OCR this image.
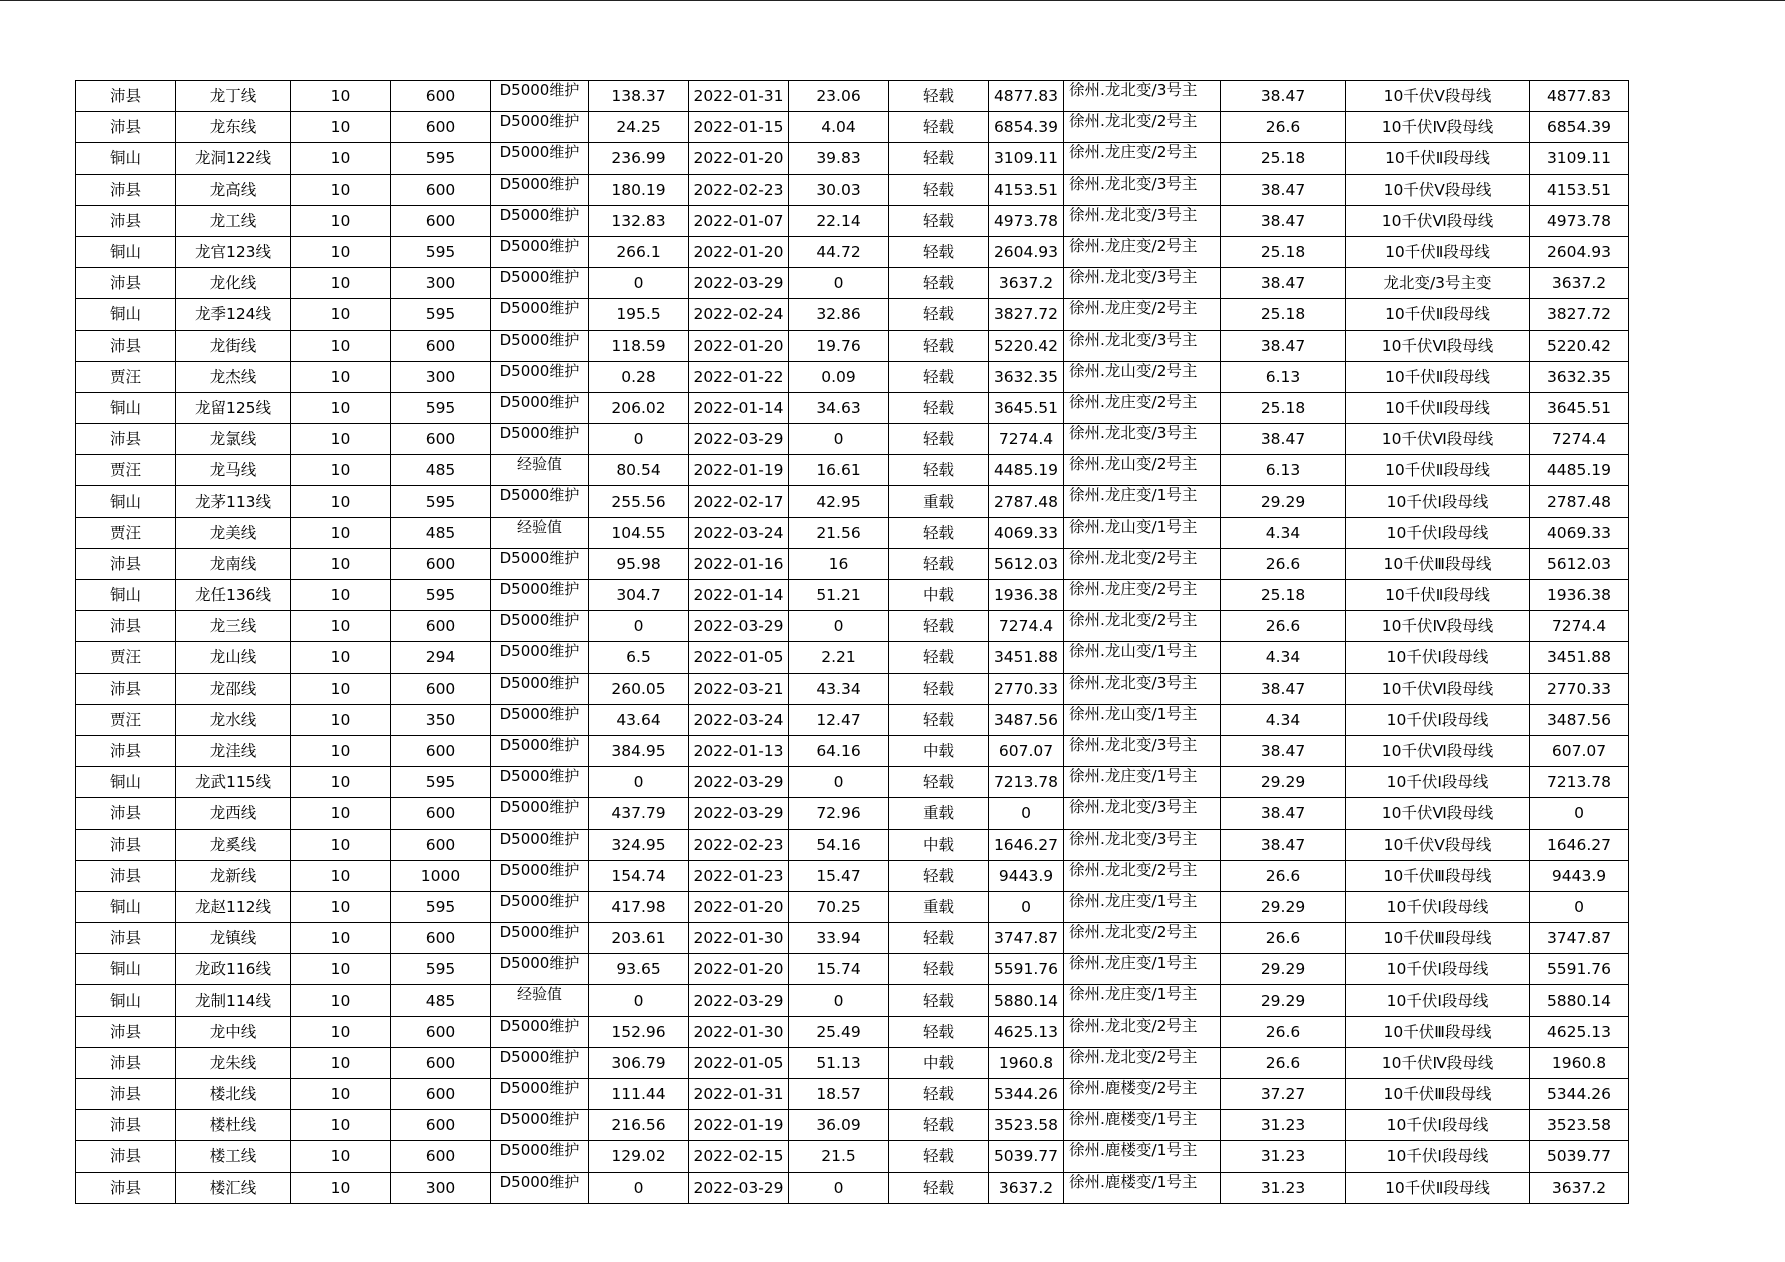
沛县	龙丁线	10	600	D5000维护	138.37	2022-01-31	23.06	轻载	4877.83	徐州.龙北变/3号主	38.47	10千伏Ⅴ段母线	4877.83
沛县	龙东线	10	600	D5000维护	24.25	2022-01-15	4.04	轻载	6854.39	徐州.龙北变/2号主	26.6	10千伏Ⅳ段母线	6854.39
铜山	龙洞122线	10	595	D5000维护	236.99	2022-01-20	39.83	轻载	3109.11	徐州.龙庄变/2号主	25.18	10千伏Ⅱ段母线	3109.11
沛县	龙高线	10	600	D5000维护	180.19	2022-02-23	30.03	轻载	4153.51	徐州.龙北变/3号主	38.47	10千伏Ⅴ段母线	4153.51
沛县	龙工线	10	600	D5000维护	132.83	2022-01-07	22.14	轻载	4973.78	徐州.龙北变/3号主	38.47	10千伏Ⅵ段母线	4973.78
铜山	龙官123线	10	595	D5000维护	266.1	2022-01-20	44.72	轻载	2604.93	徐州.龙庄变/2号主	25.18	10千伏Ⅱ段母线	2604.93
沛县	龙化线	10	300	D5000维护	0	2022-03-29	0	轻载	3637.2	徐州.龙北变/3号主	38.47	龙北变/3号主变	3637.2
铜山	龙季124线	10	595	D5000维护	195.5	2022-02-24	32.86	轻载	3827.72	徐州.龙庄变/2号主	25.18	10千伏Ⅱ段母线	3827.72
沛县	龙街线	10	600	D5000维护	118.59	2022-01-20	19.76	轻载	5220.42	徐州.龙北变/3号主	38.47	10千伏Ⅵ段母线	5220.42
贾汪	龙杰线	10	300	D5000维护	0.28	2022-01-22	0.09	轻载	3632.35	徐州.龙山变/2号主	6.13	10千伏Ⅱ段母线	3632.35
铜山	龙留125线	10	595	D5000维护	206.02	2022-01-14	34.63	轻载	3645.51	徐州.龙庄变/2号主	25.18	10千伏Ⅱ段母线	3645.51
沛县	龙氯线	10	600	D5000维护	0	2022-03-29	0	轻载	7274.4	徐州.龙北变/3号主	38.47	10千伏Ⅵ段母线	7274.4
贾汪	龙马线	10	485	经验值	80.54	2022-01-19	16.61	轻载	4485.19	徐州.龙山变/2号主	6.13	10千伏Ⅱ段母线	4485.19
铜山	龙茅113线	10	595	D5000维护	255.56	2022-02-17	42.95	重载	2787.48	徐州.龙庄变/1号主	29.29	10千伏Ⅰ段母线	2787.48
贾汪	龙美线	10	485	经验值	104.55	2022-03-24	21.56	轻载	4069.33	徐州.龙山变/1号主	4.34	10千伏Ⅰ段母线	4069.33
沛县	龙南线	10	600	D5000维护	95.98	2022-01-16	16	轻载	5612.03	徐州.龙北变/2号主	26.6	10千伏Ⅲ段母线	5612.03
铜山	龙任136线	10	595	D5000维护	304.7	2022-01-14	51.21	中载	1936.38	徐州.龙庄变/2号主	25.18	10千伏Ⅱ段母线	1936.38
沛县	龙三线	10	600	D5000维护	0	2022-03-29	0	轻载	7274.4	徐州.龙北变/2号主	26.6	10千伏Ⅳ段母线	7274.4
贾汪	龙山线	10	294	D5000维护	6.5	2022-01-05	2.21	轻载	3451.88	徐州.龙山变/1号主	4.34	10千伏Ⅰ段母线	3451.88
沛县	龙邵线	10	600	D5000维护	260.05	2022-03-21	43.34	轻载	2770.33	徐州.龙北变/3号主	38.47	10千伏Ⅵ段母线	2770.33
贾汪	龙水线	10	350	D5000维护	43.64	2022-03-24	12.47	轻载	3487.56	徐州.龙山变/1号主	4.34	10千伏Ⅰ段母线	3487.56
沛县	龙洼线	10	600	D5000维护	384.95	2022-01-13	64.16	中载	607.07	徐州.龙北变/3号主	38.47	10千伏Ⅵ段母线	607.07
铜山	龙武115线	10	595	D5000维护	0	2022-03-29	0	轻载	7213.78	徐州.龙庄变/1号主	29.29	10千伏Ⅰ段母线	7213.78
沛县	龙西线	10	600	D5000维护	437.79	2022-03-29	72.96	重载	0	徐州.龙北变/3号主	38.47	10千伏Ⅵ段母线	0
沛县	龙奚线	10	600	D5000维护	324.95	2022-02-23	54.16	中载	1646.27	徐州.龙北变/3号主	38.47	10千伏Ⅴ段母线	1646.27
沛县	龙新线	10	1000	D5000维护	154.74	2022-01-23	15.47	轻载	9443.9	徐州.龙北变/2号主	26.6	10千伏Ⅲ段母线	9443.9
铜山	龙赵112线	10	595	D5000维护	417.98	2022-01-20	70.25	重载	0	徐州.龙庄变/1号主	29.29	10千伏Ⅰ段母线	0
沛县	龙镇线	10	600	D5000维护	203.61	2022-01-30	33.94	轻载	3747.87	徐州.龙北变/2号主	26.6	10千伏Ⅲ段母线	3747.87
铜山	龙政116线	10	595	D5000维护	93.65	2022-01-20	15.74	轻载	5591.76	徐州.龙庄变/1号主	29.29	10千伏Ⅰ段母线	5591.76
铜山	龙制114线	10	485	经验值	0	2022-03-29	0	轻载	5880.14	徐州.龙庄变/1号主	29.29	10千伏Ⅰ段母线	5880.14
沛县	龙中线	10	600	D5000维护	152.96	2022-01-30	25.49	轻载	4625.13	徐州.龙北变/2号主	26.6	10千伏Ⅲ段母线	4625.13
沛县	龙朱线	10	600	D5000维护	306.79	2022-01-05	51.13	中载	1960.8	徐州.龙北变/2号主	26.6	10千伏Ⅳ段母线	1960.8
沛县	楼北线	10	600	D5000维护	111.44	2022-01-31	18.57	轻载	5344.26	徐州.鹿楼变/2号主	37.27	10千伏Ⅲ段母线	5344.26
沛县	楼杜线	10	600	D5000维护	216.56	2022-01-19	36.09	轻载	3523.58	徐州.鹿楼变/1号主	31.23	10千伏Ⅰ段母线	3523.58
沛县	楼工线	10	600	D5000维护	129.02	2022-02-15	21.5	轻载	5039.77	徐州.鹿楼变/1号主	31.23	10千伏Ⅰ段母线	5039.77
沛县	楼汇线	10	300	D5000维护	0	2022-03-29	0	轻载	3637.2	徐州.鹿楼变/1号主	31.23	10千伏Ⅱ段母线	3637.2
